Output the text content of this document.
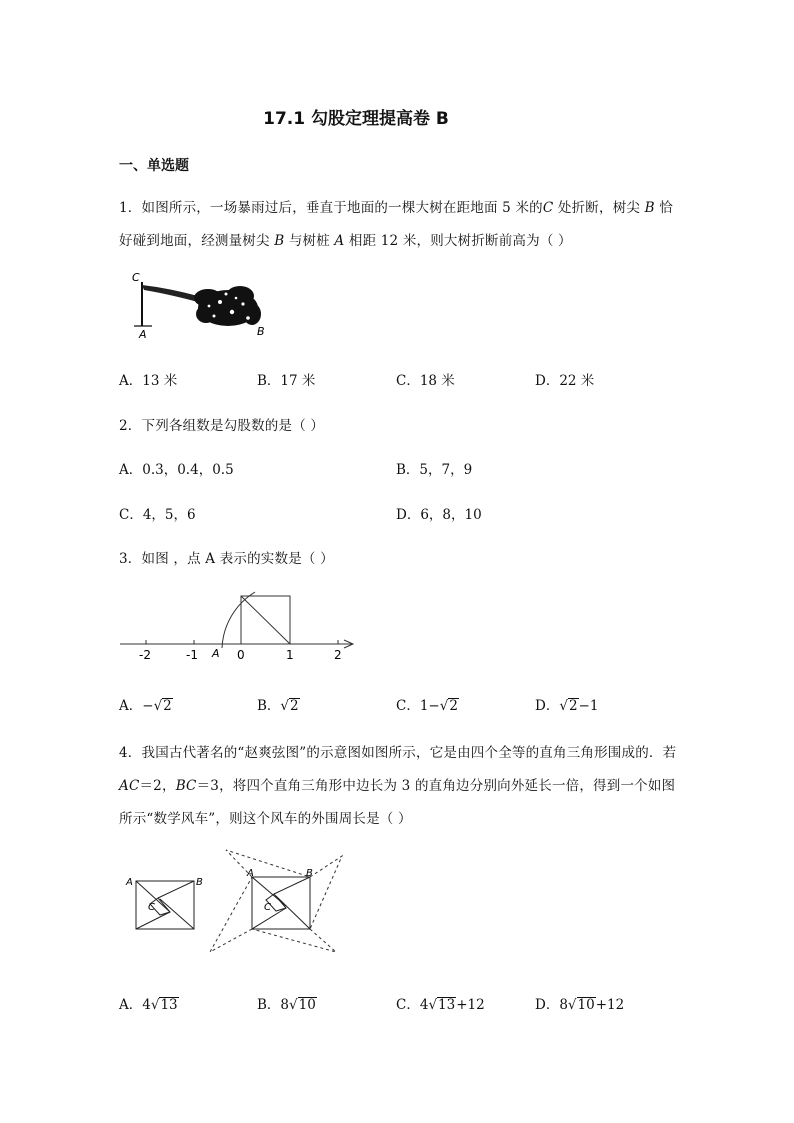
17.1 勾股定理提高卷 B
一、单选题
1．如图所示，一场暴雨过后，垂直于地面的一棵大树在距地面 5 米的C 处折断，树尖 B 恰
好碰到地面，经测量树尖 B 与树桩 A 相距 12 米，则大树折断前高为（ ）
C
A	B
A．13 米	B．17 米	C．18 米	D．22 米
2．下列各组数是勾股数的是（ ）
A．0.3，0.4，0.5	B．5，7，9
C．4，5，6	D．6，8，10
3．如图 ，点 A 表示的实数是（ ）
-2	-1 A 0	1	2
A．− √ 2	B． √ 2	C．1− √ 2	D． √ 2 −1
4．我国古代著名的“赵爽弦图”的示意图如图所示，它是由四个全等的直角三角形围成的．若
AC＝2，BC＝3，将四个直角三角形中边长为 3 的直角边分别向外延长一倍，得到一个如图
所示“数学风车”，则这个风车的外围周长是（ ）
A	B
C
A	B
C
A．4 √ 13	B．8 √ 10	C．4 √ 13 +12	D．8 √ 10 +12
